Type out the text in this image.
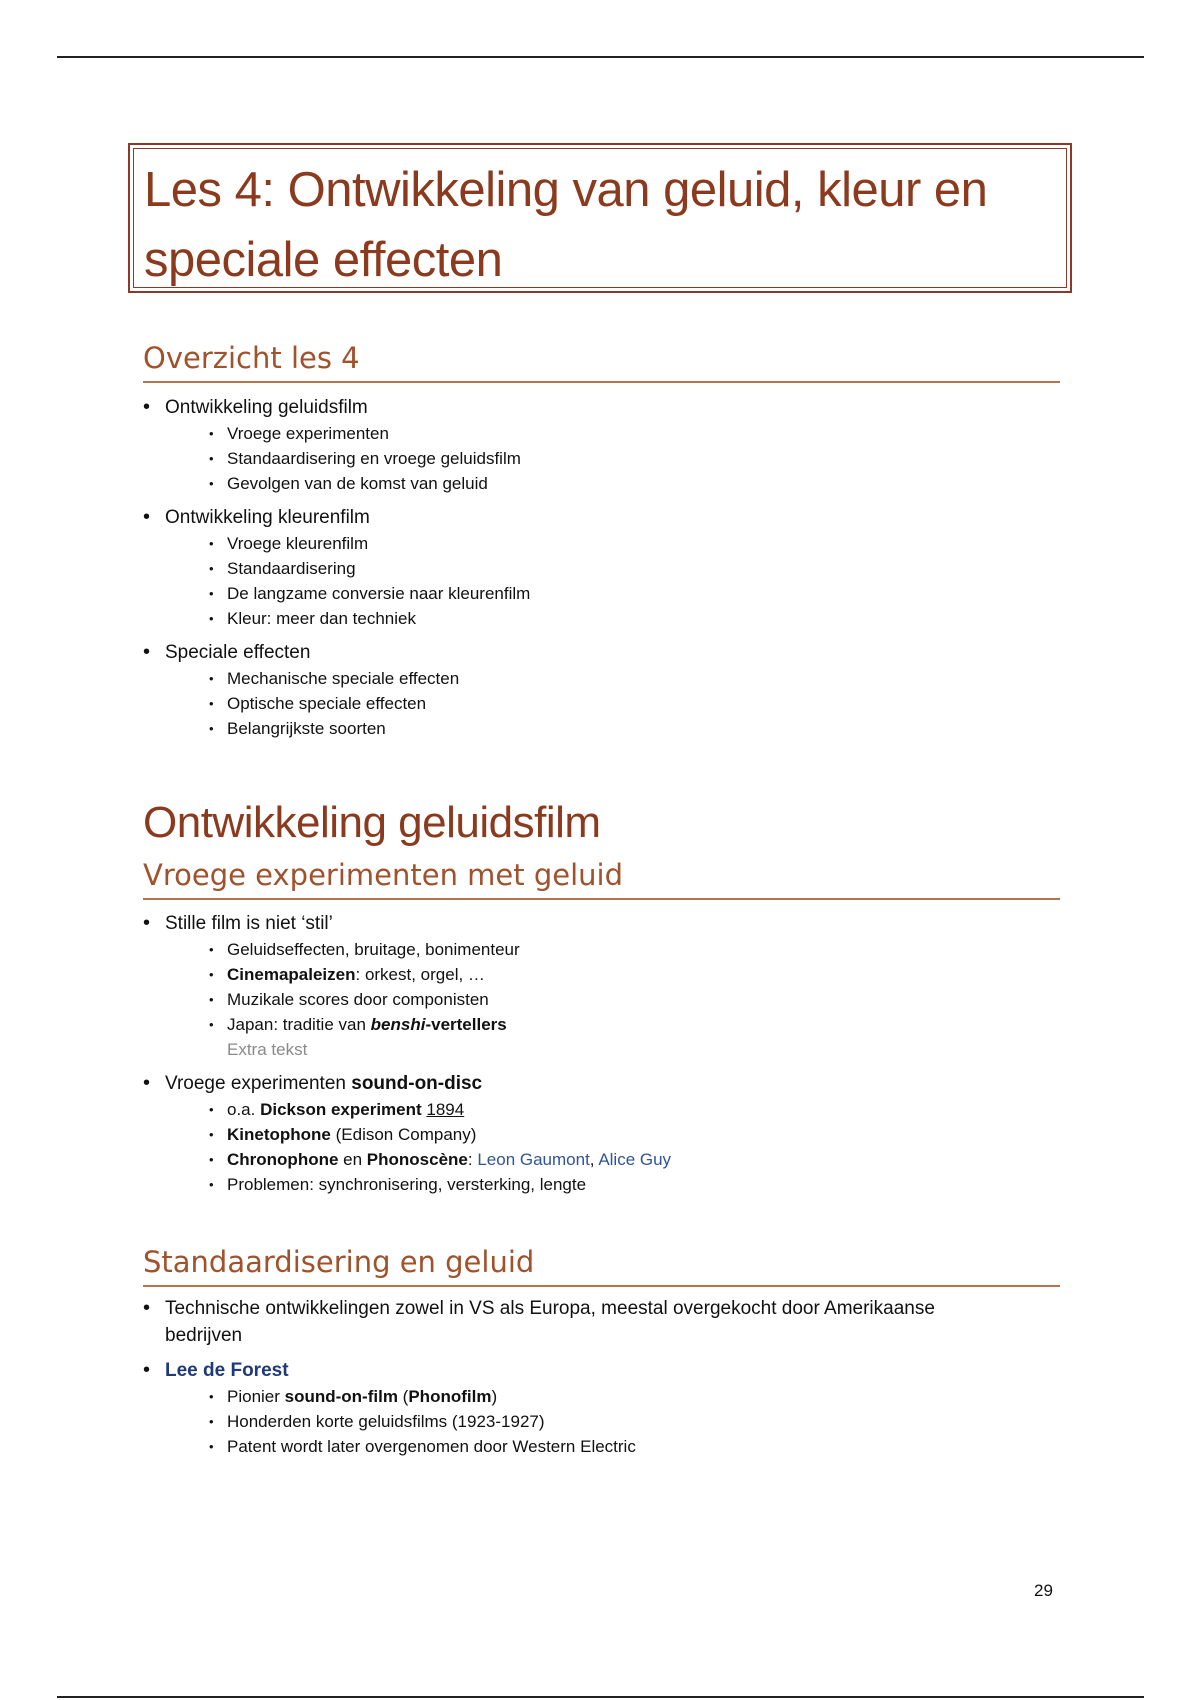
Les 4: Ontwikkeling van geluid, kleur en speciale effecten
Overzicht les 4
• Ontwikkeling geluidsfilm
• Vroege experimenten
• Standaardisering en vroege geluidsfilm
• Gevolgen van de komst van geluid
• Ontwikkeling kleurenfilm
• Vroege kleurenfilm
• Standaardisering
• De langzame conversie naar kleurenfilm
• Kleur: meer dan techniek
• Speciale effecten
• Mechanische speciale effecten
• Optische speciale effecten
• Belangrijkste soorten
Ontwikkeling geluidsfilm
Vroege experimenten met geluid
• Stille film is niet ‘stil’
• Geluidseffecten, bruitage, bonimenteur
• Cinemapaleizen: orkest, orgel, …
• Muzikale scores door componisten
• Japan: traditie van benshi-vertellers
Extra tekst
• Vroege experimenten sound-on-disc
• o.a. Dickson experiment 1894
• Kinetophone (Edison Company)
• Chronophone en Phonoscène: Leon Gaumont, Alice Guy
• Problemen: synchronisering, versterking, lengte
Standaardisering en geluid
• Technische ontwikkelingen zowel in VS als Europa, meestal overgekocht door Amerikaanse bedrijven
• Lee de Forest
• Pionier sound-on-film (Phonofilm)
• Honderden korte geluidsfilms (1923-1927)
• Patent wordt later overgenomen door Western Electric
29
